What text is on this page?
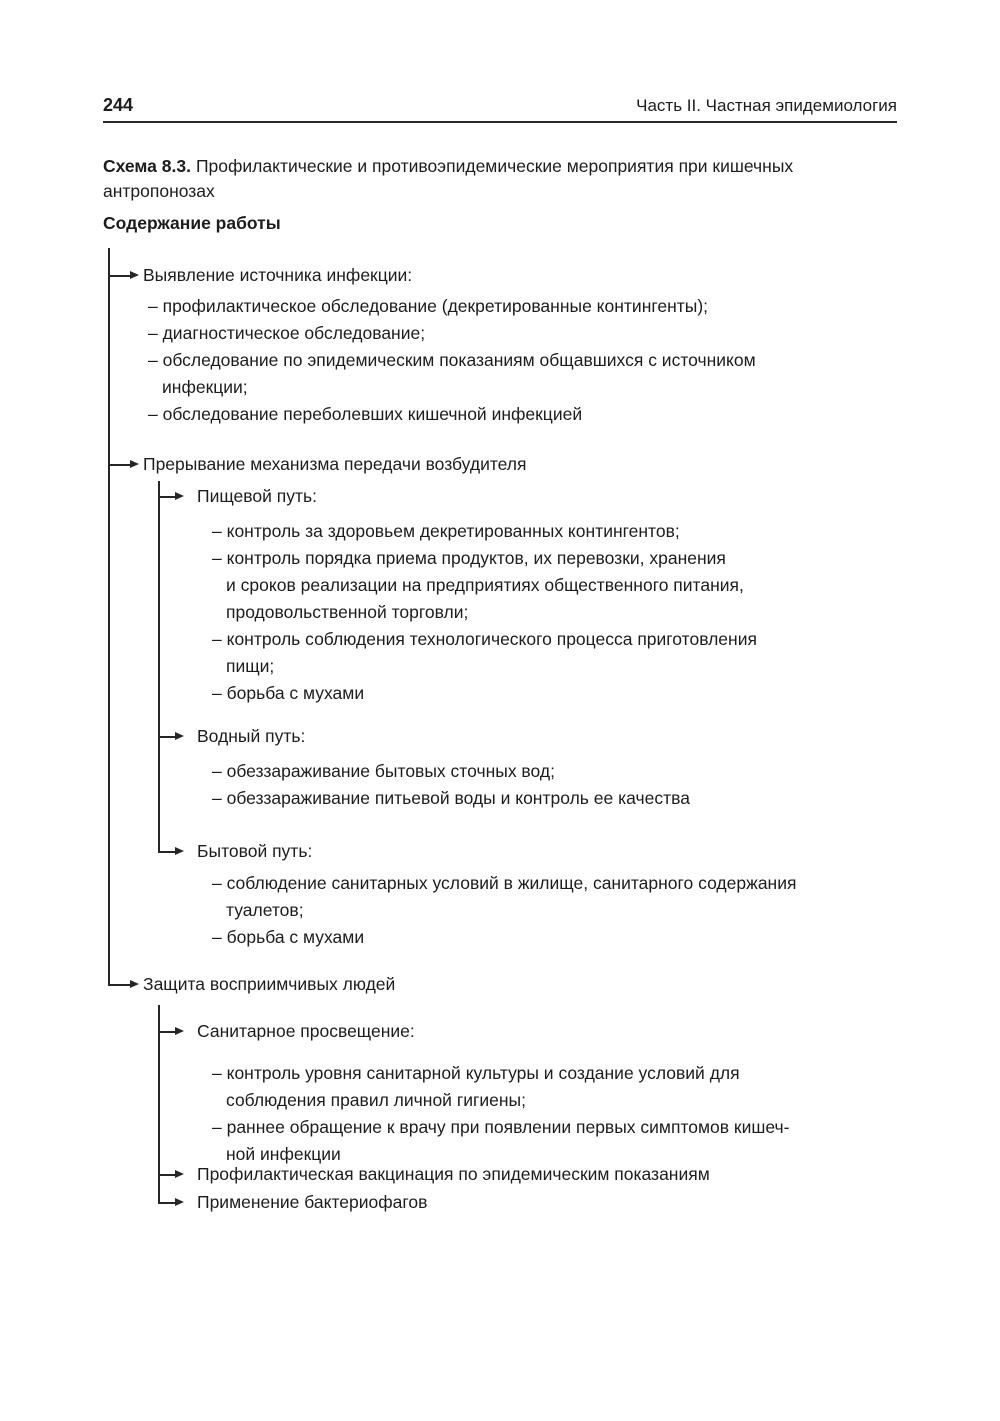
244	Часть II. Частная эпидемиология
Схема 8.3. Профилактические и противоэпидемические мероприятия при кишечных
антропонозах
Содержание работы
Выявление источника инфекции:
Прерывание механизма передачи возбудителя
Пищевой путь:
Водный путь:
Бытовой путь:
Защита восприимчивых людей
Санитарное просвещение:
Профилактическая вакцинация по эпидемическим показаниям
Применение бактериофагов
– профилактическое обследование (декретированные контингенты);
– диагностическое обследование;
– обследование по эпидемическим показаниям общавшихся с источником
инфекции;
– обследование переболевших кишечной инфекцией
– контроль за здоровьем декретированных контингентов;
– контроль порядка приема продуктов, их перевозки, хранения
и сроков реализации на предприятиях общественного питания,
продовольственной торговли;
– контроль соблюдения технологического процесса приготовления
пищи;
– борьба с мухами
– обеззараживание бытовых сточных вод;
– обеззараживание питьевой воды и контроль ее качества
– соблюдение санитарных условий в жилище, санитарного содержания
туалетов;
– борьба с мухами
– контроль уровня санитарной культуры и создание условий для
соблюдения правил личной гигиены;
– раннее обращение к врачу при появлении первых симптомов кишеч-
ной инфекции
